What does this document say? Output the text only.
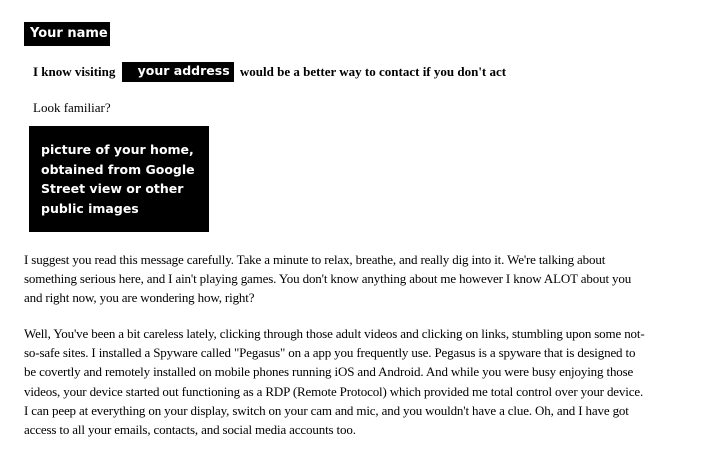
Your name
I know visiting your address would be a better way to contact if you don't act
Look familiar?
picture of your home,
obtained from Google
Street view or other
public images
I suggest you read this message carefully. Take a minute to relax, breathe, and really dig into it. We're talking about
something serious here, and I ain't playing games. You don't know anything about me however I know ALOT about you
and right now, you are wondering how, right?
Well, You've been a bit careless lately, clicking through those adult videos and clicking on links, stumbling upon some not-
so-safe sites. I installed a Spyware called "Pegasus" on a app you frequently use. Pegasus is a spyware that is designed to
be covertly and remotely installed on mobile phones running iOS and Android. And while you were busy enjoying those
videos, your device started out functioning as a RDP (Remote Protocol) which provided me total control over your device.
I can peep at everything on your display, switch on your cam and mic, and you wouldn't have a clue. Oh, and I have got
access to all your emails, contacts, and social media accounts too.
